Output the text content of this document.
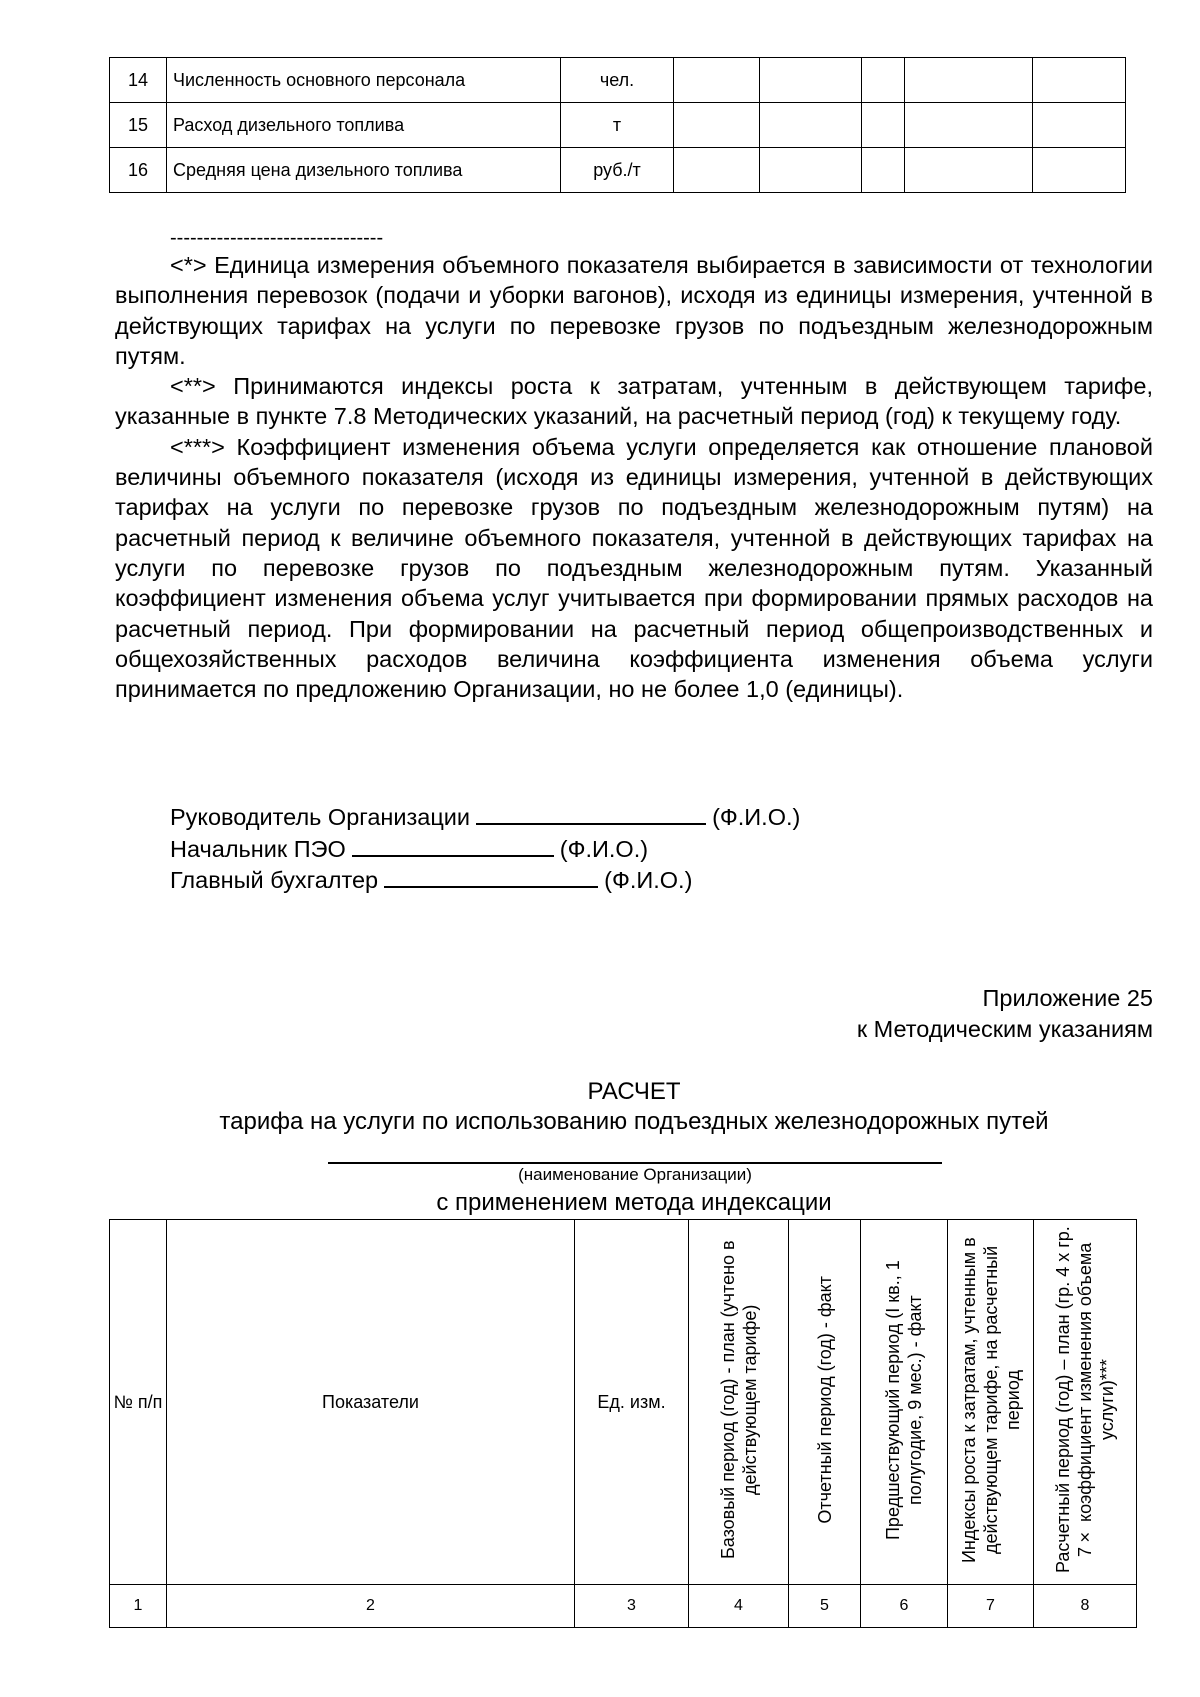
14	Численность основного персонала	чел.					
15	Расход дизельного топлива	т					
16	Средняя цена дизельного топлива	руб./т					

--------------------------------

<*> Единица измерения объемного показателя выбирается в зависимости от технологии выполнения перевозок (подачи и уборки вагонов), исходя из единицы измерения, учтенной в действующих тарифах на услуги по перевозке грузов по подъездным железнодорожным путям.

<**> Принимаются индексы роста к затратам, учтенным в действующем тарифе, указанные в пункте 7.8 Методических указаний, на расчетный период (год) к текущему году.

<***> Коэффициент изменения объема услуги определяется как отношение плановой величины объемного показателя (исходя из единицы измерения, учтенной в действующих тарифах на услуги по перевозке грузов по подъездным железнодорожным путям) на расчетный период к величине объемного показателя, учтенной в действующих тарифах на услуги по перевозке грузов по подъездным железнодорожным путям. Указанный коэффициент изменения объема услуг учитывается при формировании прямых расходов на расчетный период. При формировании на расчетный период общепроизводственных и общехозяйственных расходов величина коэффициента изменения объема услуги принимается по предложению Организации, но не более 1,0 (единицы).

Руководитель Организации	(Ф.И.О.)
Начальник ПЭО	(Ф.И.О.)
Главный бухгалтер	(Ф.И.О.)
Приложение 25
к Методическим указаниям
РАСЧЕТ
тарифа на услуги по использованию подъездных железнодорожных путей
(наименование Организации)
с применением метода индексации
№ п/п	Показатели	Ед. изм.	Базовый период (год) - план (учтено в действующем тарифе)	Отчетный период (год) - факт	Предшествующий период (I кв., 1 полугодие, 9 мес.) - факт	Индексы роста к затратам, учтенным в действующем тарифе, на расчетный период	Расчетный период (год) – план (гр. 4 х гр. 7× коэффициент изменения объема услуги)***
1	2	3	4	5	6	7	8
